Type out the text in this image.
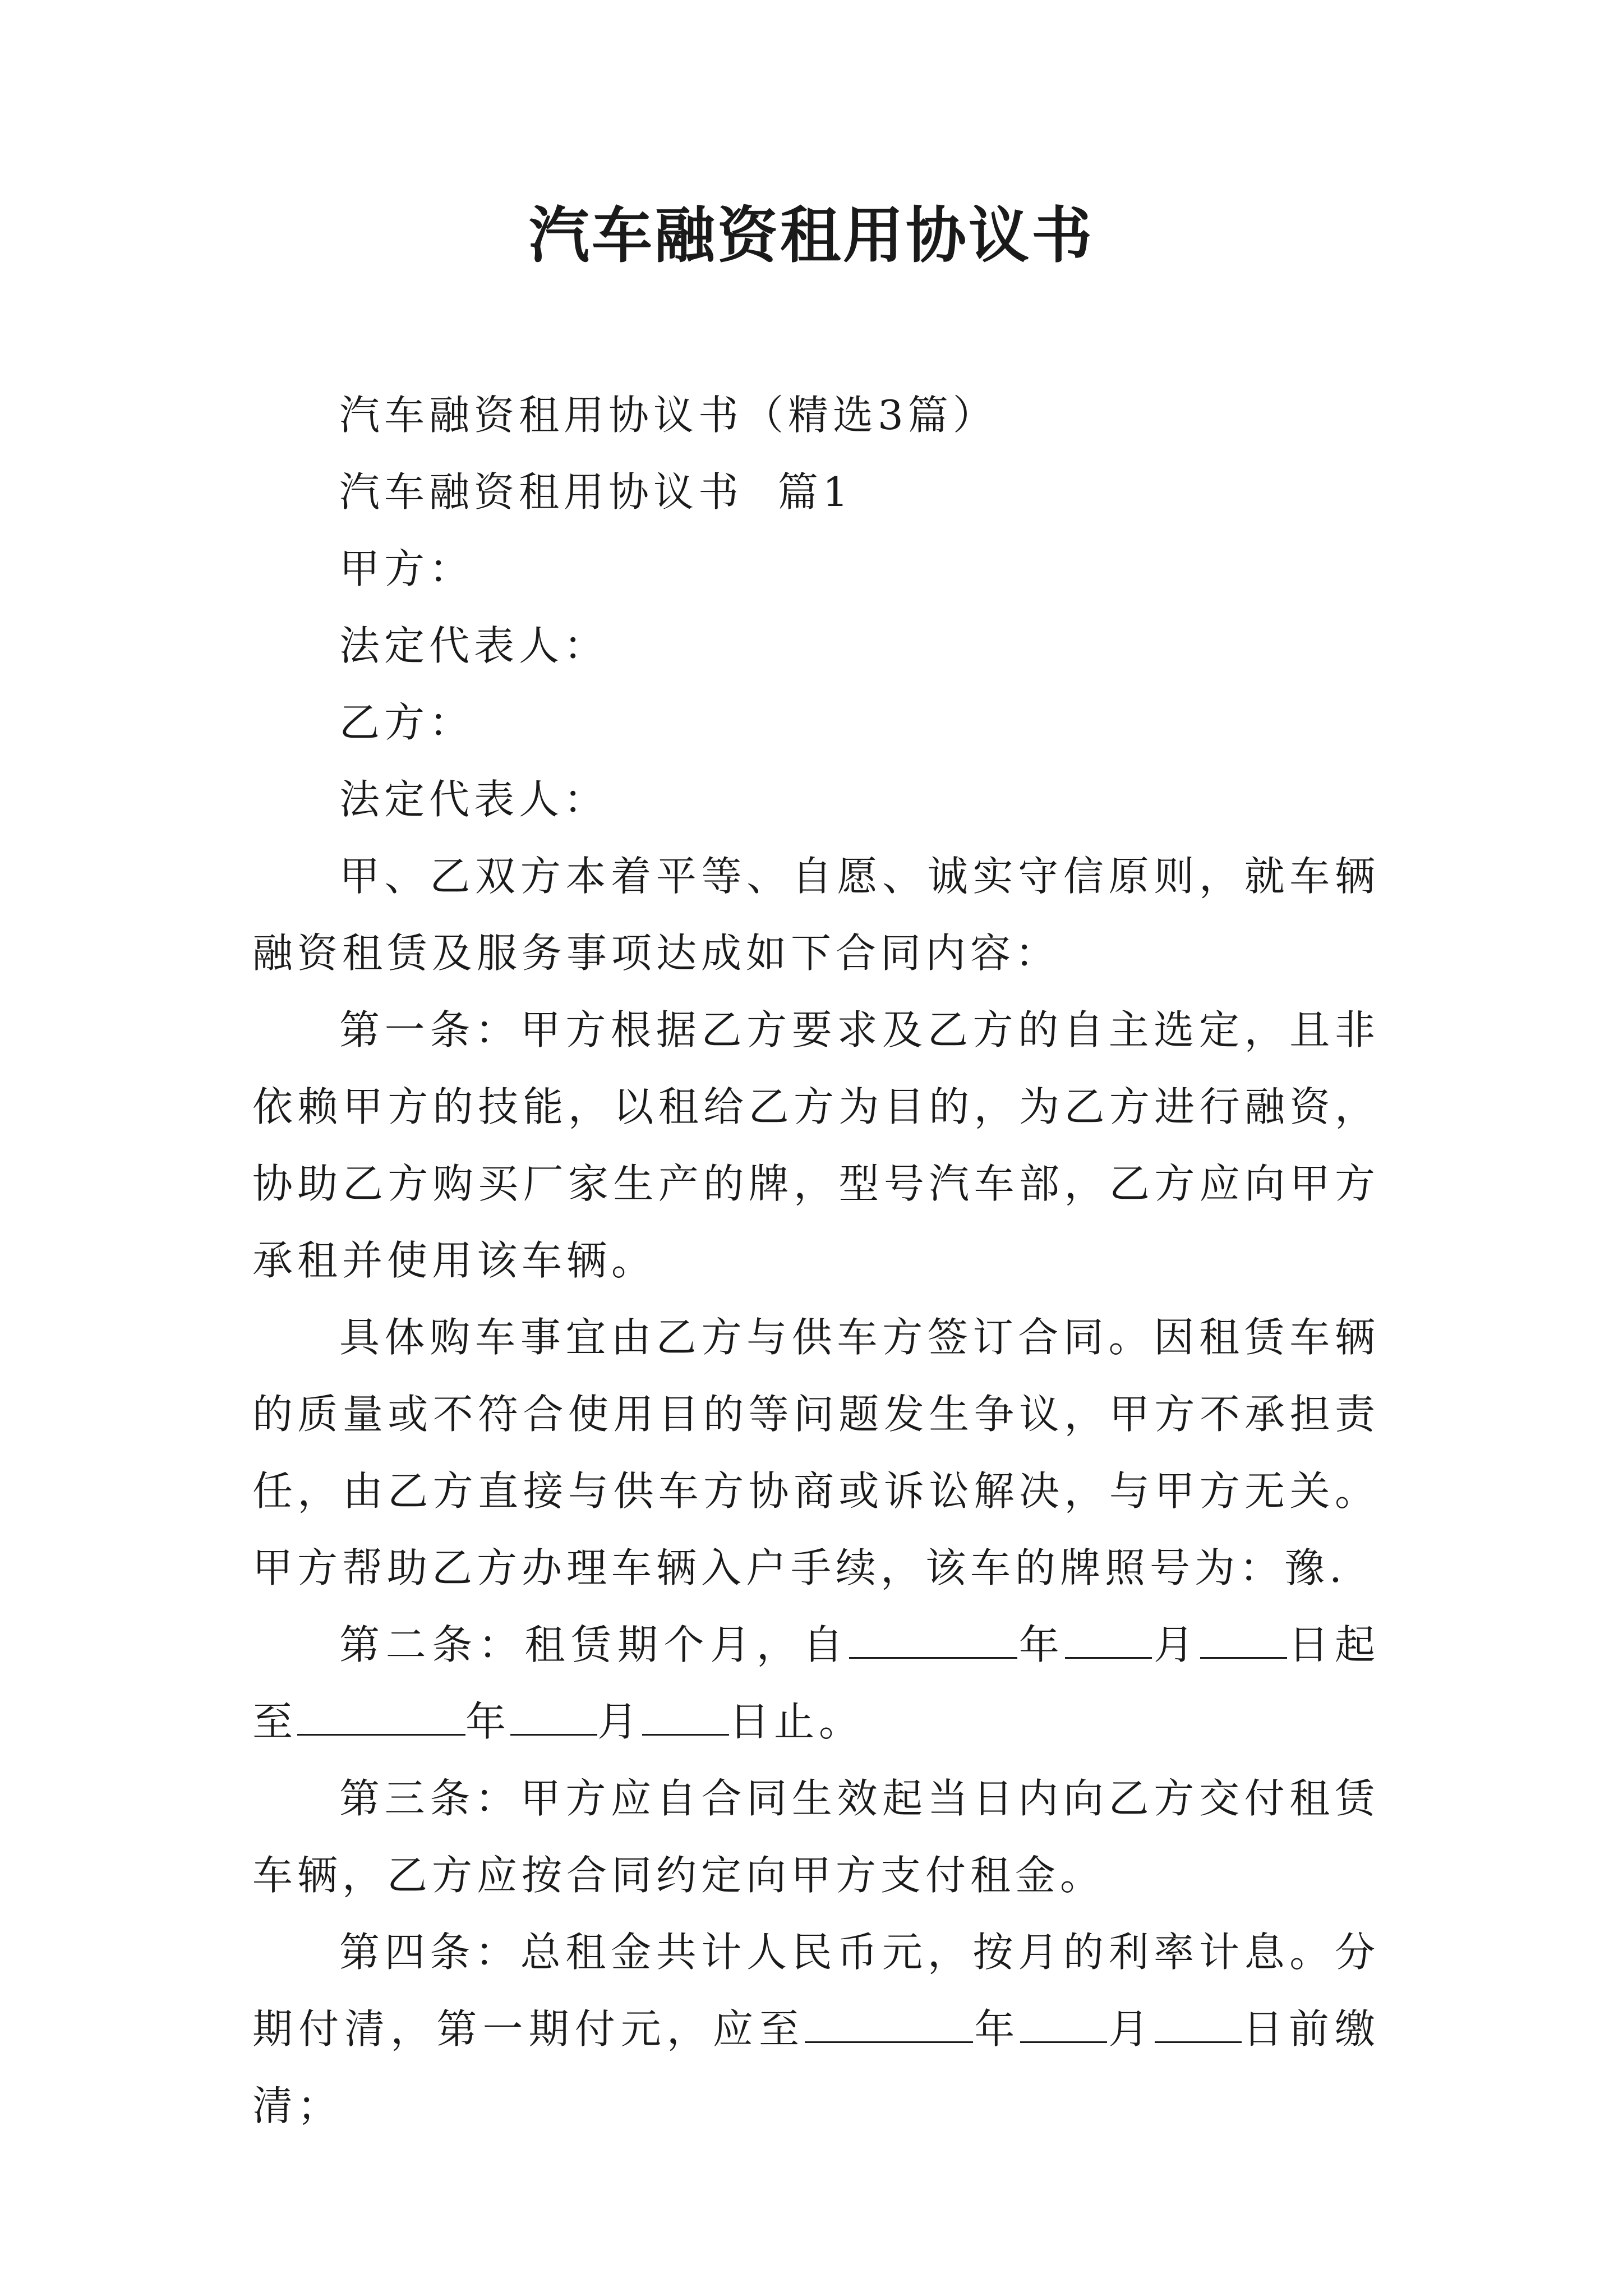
汽车融资租用协议书

汽车融资租用协议书（精选3篇）

汽车融资租用协议书  篇1

甲方：

法定代表人：

乙方：

法定代表人：

甲、乙双方本着平等、自愿、诚实守信原则，就车辆融资租赁及服务事项达成如下合同内容：

第一条：甲方根据乙方要求及乙方的自主选定，且非依赖甲方的技能，以租给乙方为目的，为乙方进行融资，协助乙方购买厂家生产的牌，型号汽车部，乙方应向甲方承租并使用该车辆。

具体购车事宜由乙方与供车方签订合同。因租赁车辆的质量或不符合使用目的等问题发生争议，甲方不承担责任，由乙方直接与供车方协商或诉讼解决，与甲方无关。甲方帮助乙方办理车辆入户手续，该车的牌照号为：豫.

第二条：租赁期个月，自	年 月 日起至	年 月 日止。

第三条：甲方应自合同生效起当日内向乙方交付租赁车辆，乙方应按合同约定向甲方支付租金。

第四条：总租金共计人民币元，按月的利率计息。分期付清，第一期付元，应至	年 月 日前缴清；
